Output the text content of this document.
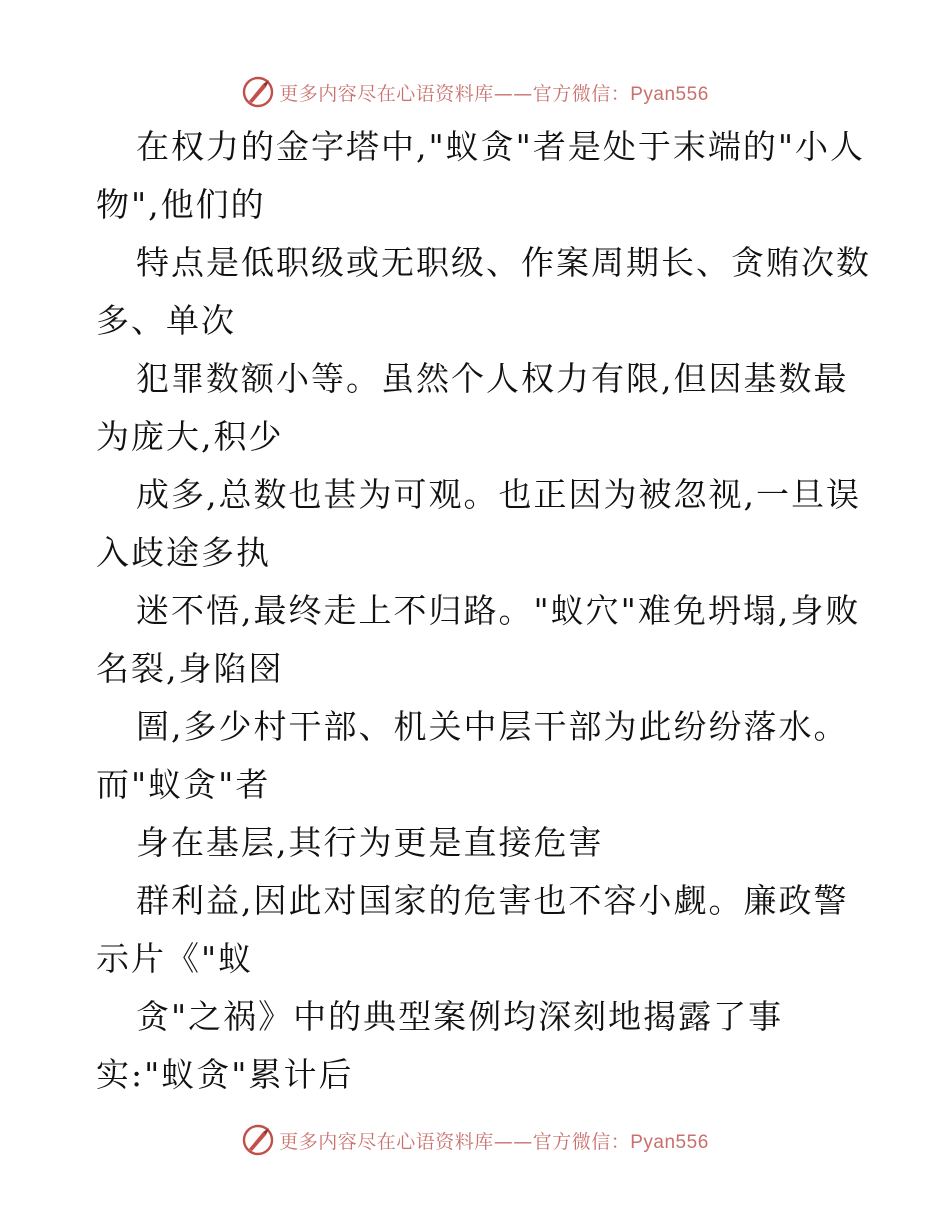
更多内容尽在心语资料库——官方微信：Pyan556
在权力的金字塔中,"蚁贪"者是处于末端的"小人
物",他们的
特点是低职级或无职级、作案周期长、贪贿次数
多、单次
犯罪数额小等。虽然个人权力有限,但因基数最
为庞大,积少
成多,总数也甚为可观。也正因为被忽视,一旦误
入歧途多执
迷不悟,最终走上不归路。"蚁穴"难免坍塌,身败
名裂,身陷囹
圄,多少村干部、机关中层干部为此纷纷落水。
而"蚁贪"者
身在基层,其行为更是直接危害
群利益,因此对国家的危害也不容小觑。廉政警
示片《"蚁
贪"之祸》中的典型案例均深刻地揭露了事
实:"蚁贪"累计后
更多内容尽在心语资料库——官方微信：Pyan556
